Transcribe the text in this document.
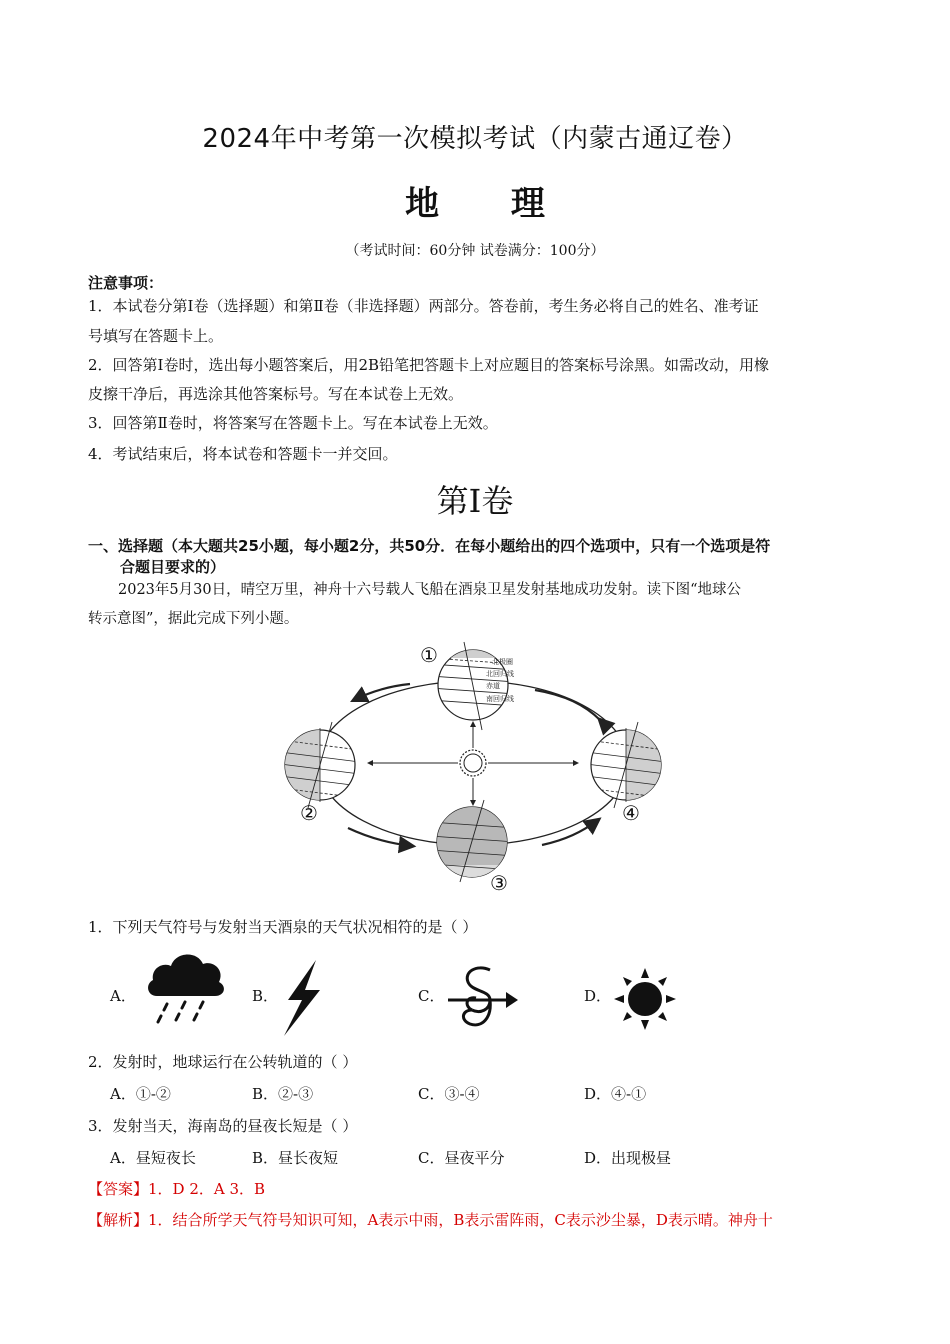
2024年中考第一次模拟考试（内蒙古通辽卷）
地 理
（考试时间：60分钟 试卷满分：100分）
注意事项：
1．本试卷分第Ⅰ卷（选择题）和第Ⅱ卷（非选择题）两部分。答卷前，考生务必将自己的姓名、准考证
号填写在答题卡上。
2．回答第Ⅰ卷时，选出每小题答案后，用2B铅笔把答题卡上对应题目的答案标号涂黑。如需改动，用橡
皮擦干净后，再选涂其他答案标号。写在本试卷上无效。
3．回答第Ⅱ卷时，将答案写在答题卡上。写在本试卷上无效。
4．考试结束后，将本试卷和答题卡一并交回。
第Ⅰ卷
一、选择题（本大题共25小题，每小题2分，共50分．在每小题给出的四个选项中，只有一个选项是符
合题目要求的）
2023年5月30日，晴空万里，神舟十六号载人飞船在酒泉卫星发射基地成功发射。读下图“地球公
转示意图”，据此完成下列小题。
北极圈
北回归线
赤道
南回归线
①
②
③
④
1．下列天气符号与发射当天酒泉的天气状况相符的是（ ）
A．	B．	C．	D．
2．发射时，地球运行在公转轨道的（ ）
A．①-②	B．②-③	C．③-④	D．④-①
3．发射当天，海南岛的昼夜长短是（ ）
A．昼短夜长	B．昼长夜短	C．昼夜平分	D．出现极昼
【答案】1．D 2．A 3．B
【解析】1．结合所学天气符号知识可知，A表示中雨，B表示雷阵雨，C表示沙尘暴，D表示晴。神舟十
